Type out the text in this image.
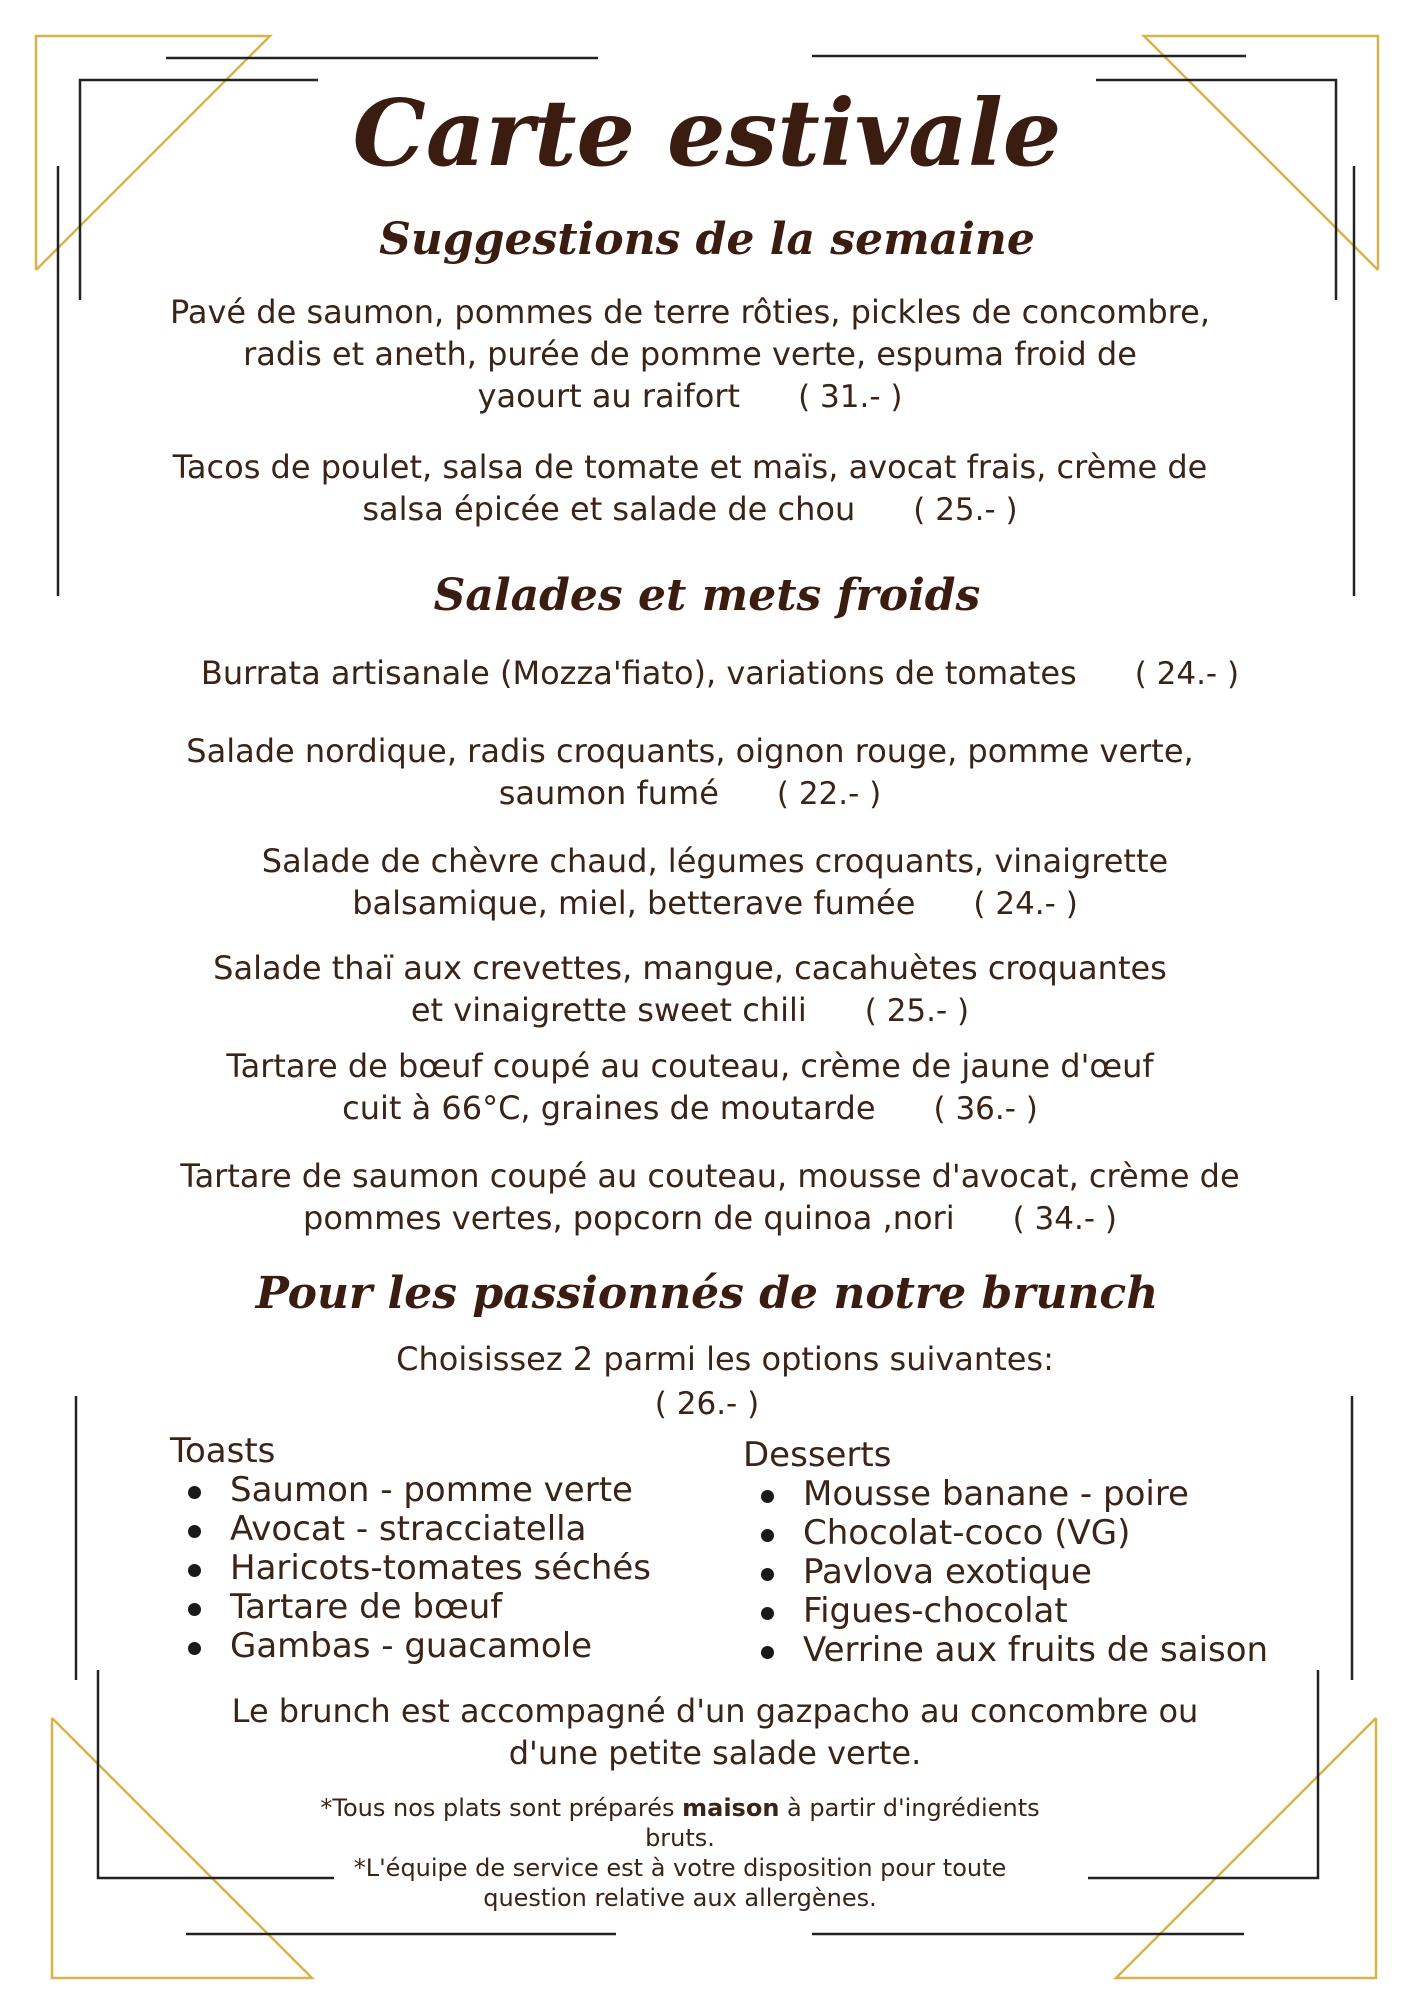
Carte estivale
Suggestions de la semaine
Pavé de saumon, pommes de terre rôties, pickles de concombre,
radis et aneth, purée de pomme verte, espuma froid de
yaourt au raifort ( 31.- )
Tacos de poulet, salsa de tomate et maïs, avocat frais, crème de
salsa épicée et salade de chou ( 25.- )
Salades et mets froids
Burrata artisanale (Mozza'fiato), variations de tomates ( 24.- )
Salade nordique, radis croquants, oignon rouge, pomme verte,
saumon fumé ( 22.- )
Salade de chèvre chaud, légumes croquants, vinaigrette
balsamique, miel, betterave fumée ( 24.- )
Salade thaï aux crevettes, mangue, cacahuètes croquantes
et vinaigrette sweet chili ( 25.- )
Tartare de bœuf coupé au couteau, crème de jaune d'œuf
cuit à 66°C, graines de moutarde ( 36.- )
Tartare de saumon coupé au couteau, mousse d'avocat, crème de
pommes vertes, popcorn de quinoa ,nori ( 34.- )
Pour les passionnés de notre brunch
Choisissez 2 parmi les options suivantes:
( 26.- )
Toasts
Saumon - pomme verte
Avocat - stracciatella
Haricots-tomates séchés
Tartare de bœuf
Gambas - guacamole
Desserts
Mousse banane - poire
Chocolat-coco (VG)
Pavlova exotique
Figues-chocolat
Verrine aux fruits de saison
Le brunch est accompagné d'un gazpacho au concombre ou
d'une petite salade verte.
*Tous nos plats sont préparés maison à partir d'ingrédients
bruts.
*L'équipe de service est à votre disposition pour toute
question relative aux allergènes.
